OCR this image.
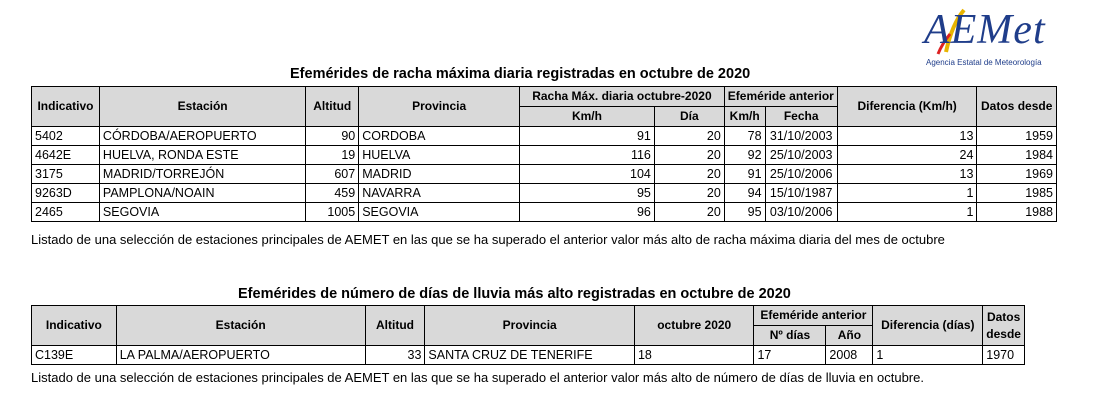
AEMet
Agencia Estatal de Meteorología
Efemérides de racha máxima diaria registradas en octubre de 2020
Indicativo	Estación	Altitud	Provincia	Racha Máx. diaria octubre-2020		Efeméride anterior		Diferencia (Km/h)	Datos desde
				Km/h	Día	Km/h	Fecha		
5402	CÓRDOBA/AEROPUERTO	90	CORDOBA	91	20	78	31/10/2003	13	1959
4642E	HUELVA, RONDA ESTE	19	HUELVA	116	20	92	25/10/2003	24	1984
3175	MADRID/TORREJÓN	607	MADRID	104	20	91	25/10/2006	13	1969
9263D	PAMPLONA/NOAIN	459	NAVARRA	95	20	94	15/10/1987	1	1985
2465	SEGOVIA	1005	SEGOVIA	96	20	95	03/10/2006	1	1988
Listado de una selección de estaciones principales de AEMET en las que se ha superado el anterior valor más alto de racha máxima diaria del mes de octubre
Efemérides de número de días de lluvia más alto registradas en octubre de 2020
Indicativo	Estación	Altitud	Provincia	octubre 2020	Efeméride anterior		Diferencia (días)	Datos desde
					Nº días	Año		
C139E	LA PALMA/AEROPUERTO	33	SANTA CRUZ DE TENERIFE	18	17	2008	1	1970
Listado de una selección de estaciones principales de AEMET en las que se ha superado el anterior valor más alto de número de días de lluvia en octubre.
